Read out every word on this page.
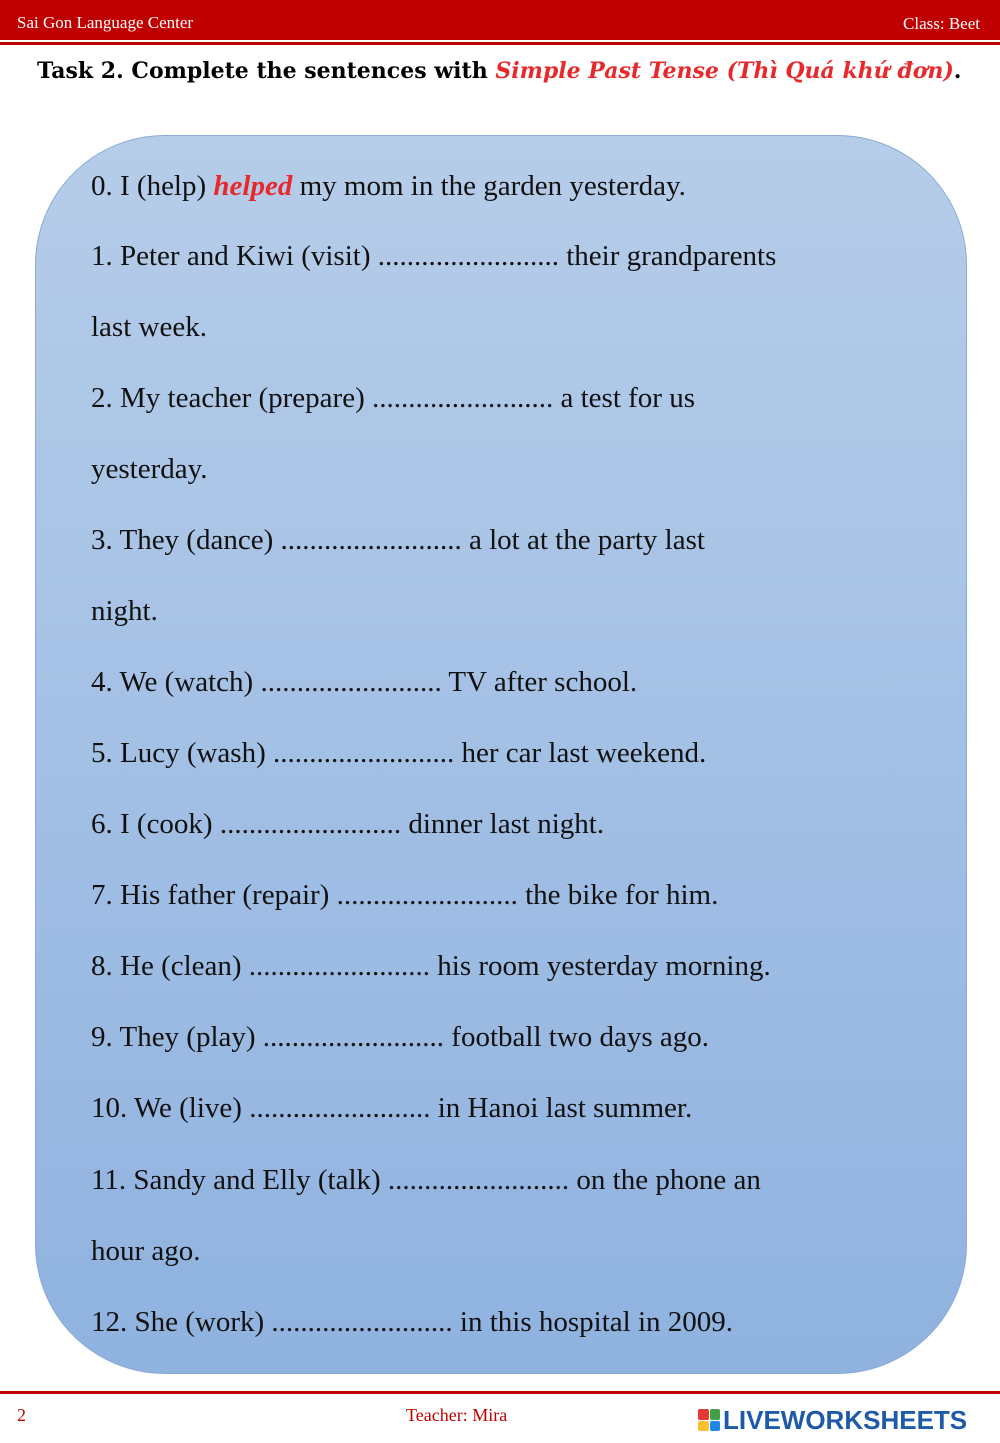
Sai Gon Language Center	Class: Beet
Task 2. Complete the sentences with Simple Past Tense (Thì Quá khứ đơn).
0. I (help) helped my mom in the garden yesterday.
1. Peter and Kiwi (visit) ......................... their grandparents
last week.
2. My teacher (prepare) ......................... a test for us
yesterday.
3. They (dance) ......................... a lot at the party last
night.
4. We (watch) ......................... TV after school.
5. Lucy (wash) ......................... her car last weekend.
6. I (cook) ......................... dinner last night.
7. His father (repair) ......................... the bike for him.
8. He (clean) ......................... his room yesterday morning.
9. They (play) ......................... football two days ago.
10. We (live) ......................... in Hanoi last summer.
11. Sandy and Elly (talk) ......................... on the phone an
hour ago.
12. She (work) ......................... in this hospital in 2009.
2	Teacher: Mira	LIVEWORKSHEETS
